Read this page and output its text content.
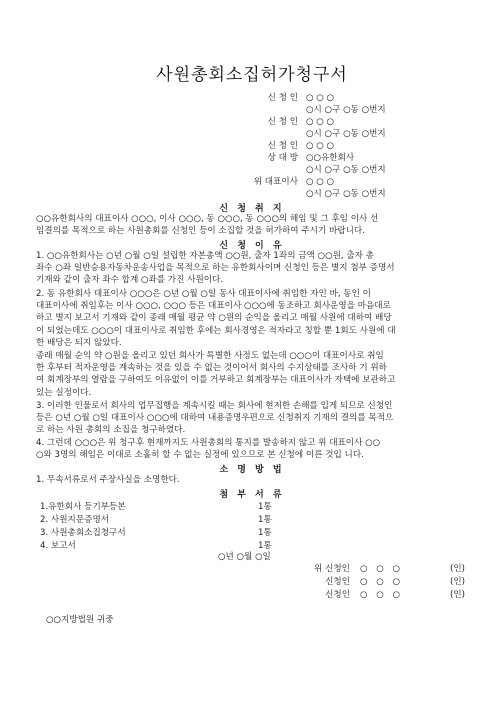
사원총회소집허가청구서
신 청 인 ○ ○ ○
○시 ○구 ○동 ○번지
신 청 인 ○ ○ ○
○시 ○구 ○동 ○번지
신 청 인 ○ ○ ○
상 대 방 ○○유한회사
○시 ○구 ○동 ○번지
위 대표이사 ○ ○ ○
○시 ○구 ○동 ○번지
신 청 취 지

○○유한회사의 대표이사 ○○○, 이사 ○○○, 동 ○○○, 동 ○○○의 해임 및 그 후임 이사 선

임결의를 목적으로 하는 사원총회를 신청인 등이 소집할 것을 허가하여 주시기 바랍니다.

신 청 이 유

1. ○○유한회사는 ○년 ○월 ○일 설립한 자본총액 ○○원, 출자 1좌의 금액 ○○원, 출자 총

좌수 ○좌 일반승용자동차운송사업을 목적으로 하는 유한회사이며 신청인 등은 별지 첨부 증명서

기재와 같이 출자 좌수 합계 ○좌를 가진 사원이다.

2. 동 유한회사 대표이사 ○○○은 ○년 ○월 ○일 동사 대표이사에 취임한 자인 바, 동인 이

대표이사에 취임후는 이사 ○○○, ○○○ 등은 대표이사 ○○○에 동조하고 회사운영을 마음대로

하고 별지 보고서 기재와 같이 종래 매월 평균 약 ○원의 순익을 올리고 매월 사원에 대하여 배당

이 되었는데도 ○○○이 대표이사로 취임한 후에는 회사경영은 적자라고 칭할 뿐 1회도 사원에 대

한 배당은 되지 않았다.

종래 매월 순익 약 ○원을 올리고 있던 회사가 특별한 사정도 없는데 ○○○이 대표이사로 취임

한 후부터 적자운영을 계속하는 것을 있을 수 없는 것이어서 회사의 수지상태를 조사하 기 위하

여 회계장부의 열람을 구하여도 이유없이 이를 거부하고 회계장부는 대표이사가 자택에 보관하고

있는 실정이다.

3. 이러한 인물로서 회사의 업무집행을 계속시킬 때는 회사에 현저한 손해를 입게 되므로 신청인

등은 ○년 ○월 ○일 대표이사 ○○○에 대하여 내용증명우편으로 신청취지 기재의 결의를 목적으

로 하는 사원 총회의 소집을 청구하였다.

4. 그런데 ○○○은 위 청구후 현재까지도 사원총회의 통지를 발송하지 않고 위 대표이사 ○○

○와 3명의 해임은 이대로 소홀히 할 수 없는 실정에 있으므로 본 신청에 이른 것입 니다.

소 명 방 법
1. 무속서류로서 주장사실을 소명한다.
첨 부 서 류
1.유한회사 등기부등본	1통
2. 사원지문증명서	1통
3. 사원총회소집청구서	1통
4. 보고서	1통
○년 ○월 ○일
위 신청인 ○ ○ ○	(인)
신청인 ○ ○ ○	(인)
신청인 ○ ○ ○	(인)
○○지방법원 귀중
